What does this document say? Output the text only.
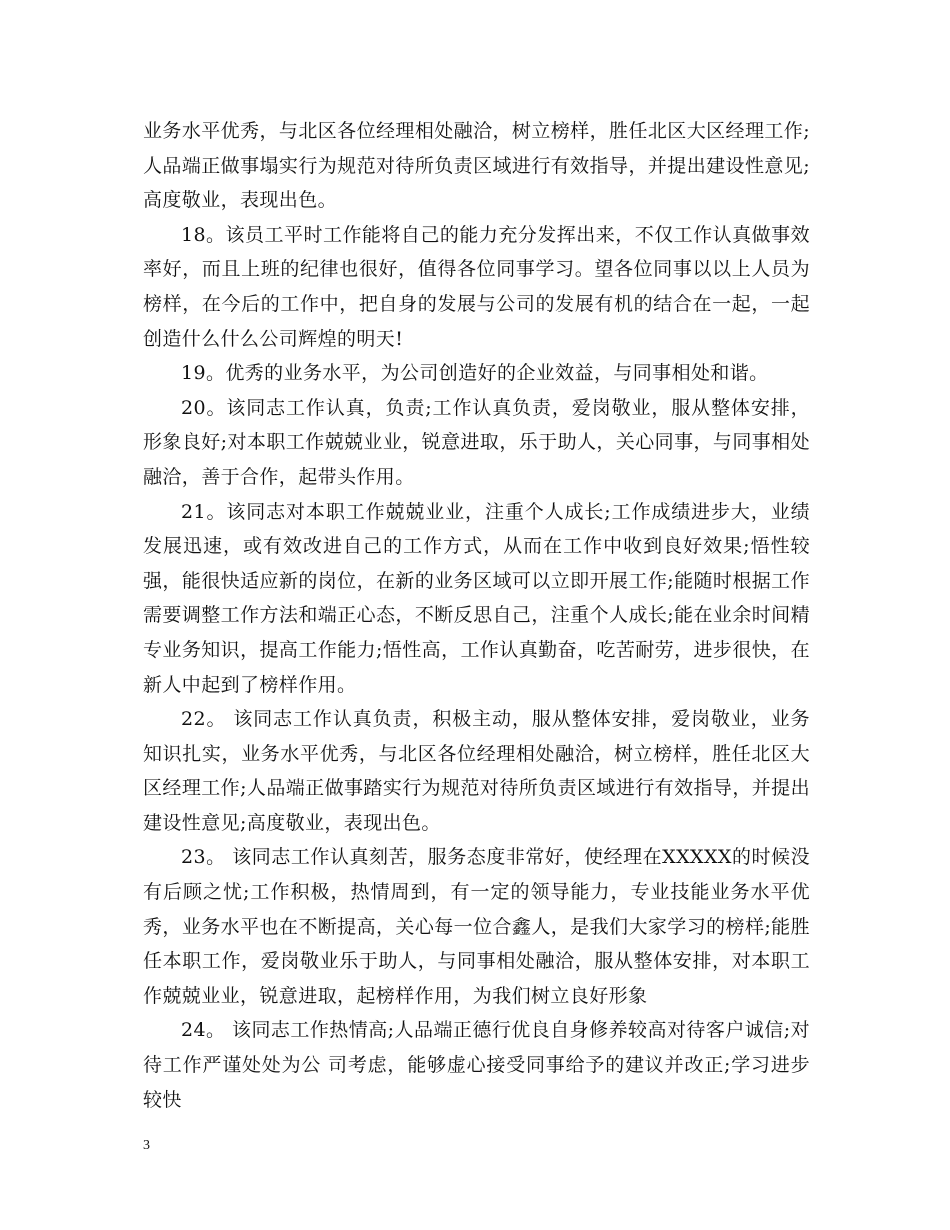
业务水平优秀，与北区各位经理相处融洽，树立榜样，胜任北区大区经理工作;人品端正做事塌实行为规范对待所负责区域进行有效指导，并提出建设性意见;高度敬业，表现出色。

18。该员工平时工作能将自己的能力充分发挥出来，不仅工作认真做事效率好，而且上班的纪律也很好，值得各位同事学习。望各位同事以以上人员为榜样，在今后的工作中，把自身的发展与公司的发展有机的结合在一起，一起创造什么什么公司辉煌的明天!

19。优秀的业务水平，为公司创造好的企业效益，与同事相处和谐。

20。该同志工作认真，负责;工作认真负责，爱岗敬业，服从整体安排，形象良好;对本职工作兢兢业业，锐意进取，乐于助人，关心同事，与同事相处融洽，善于合作，起带头作用。

21。该同志对本职工作兢兢业业，注重个人成长;工作成绩进步大，业绩发展迅速，或有效改进自己的工作方式，从而在工作中收到良好效果;悟性较强，能很快适应新的岗位，在新的业务区域可以立即开展工作;能随时根据工作需要调整工作方法和端正心态，不断反思自己，注重个人成长;能在业余时间精专业务知识，提高工作能力;悟性高，工作认真勤奋，吃苦耐劳，进步很快，在新人中起到了榜样作用。

22。 该同志工作认真负责，积极主动，服从整体安排，爱岗敬业，业务知识扎实，业务水平优秀，与北区各位经理相处融洽，树立榜样，胜任北区大区经理工作;人品端正做事踏实行为规范对待所负责区域进行有效指导，并提出建设性意见;高度敬业，表现出色。

23。 该同志工作认真刻苦，服务态度非常好，使经理在XXXXX的时候没有后顾之忧;工作积极，热情周到，有一定的领导能力，专业技能业务水平优秀，业务水平也在不断提高，关心每一位合鑫人，是我们大家学习的榜样;能胜任本职工作，爱岗敬业乐于助人，与同事相处融洽，服从整体安排，对本职工作兢兢业业，锐意进取，起榜样作用，为我们树立良好形象

24。 该同志工作热情高;人品端正德行优良自身修养较高对待客户诚信;对待工作严谨处处为公 司考虑，能够虚心接受同事给予的建议并改正;学习进步较快

3
